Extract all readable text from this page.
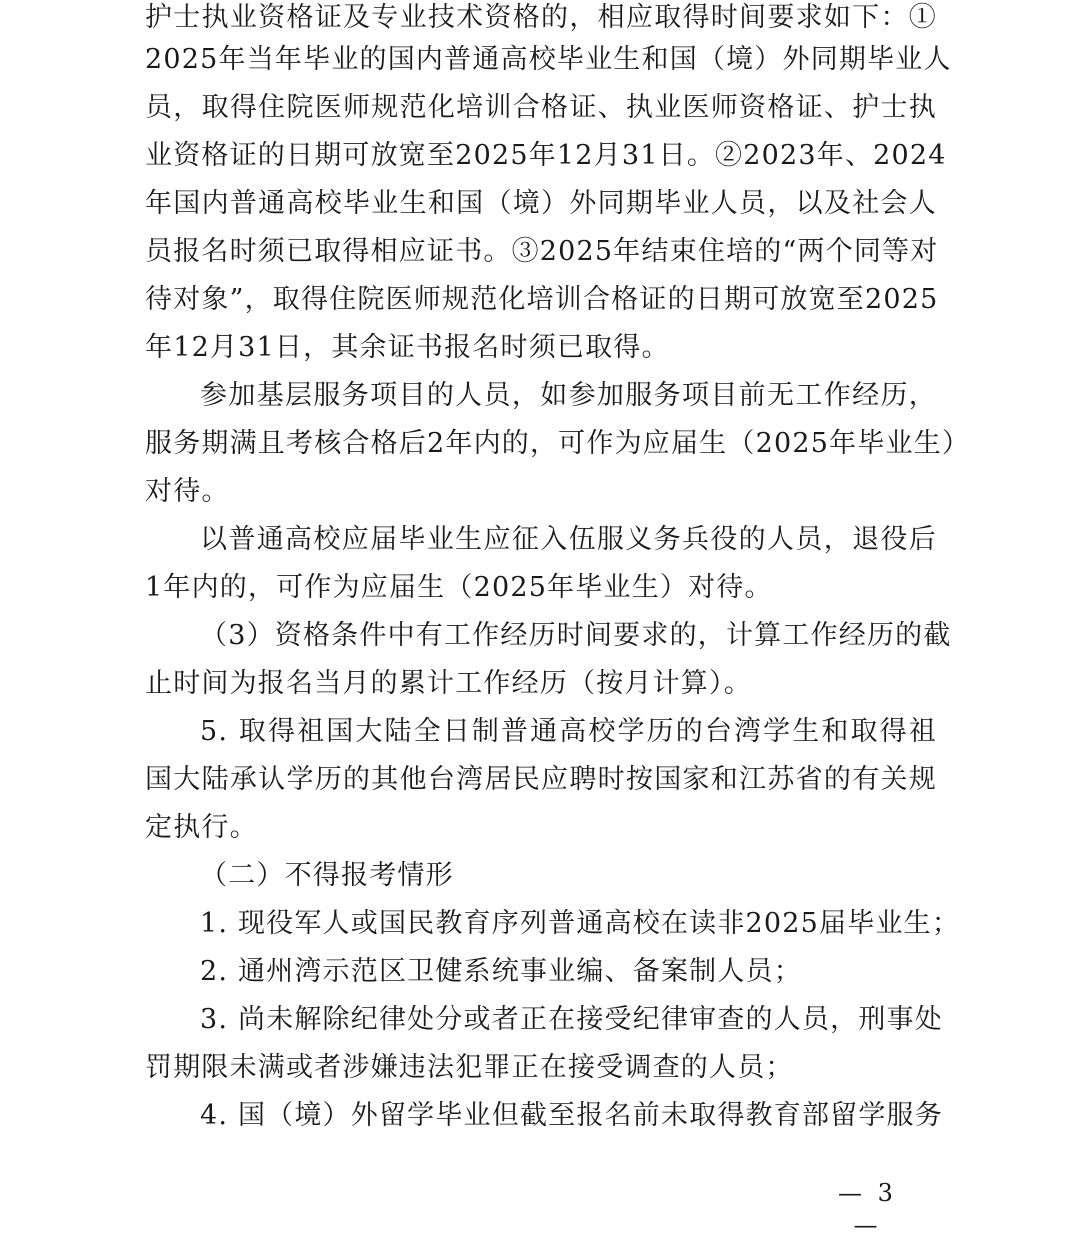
护士执业资格证及专业技术资格的，相应取得时间要求如下：①
2025年当年毕业的国内普通高校毕业生和国（境）外同期毕业人
员，取得住院医师规范化培训合格证、执业医师资格证、护士执
业资格证的日期可放宽至2025年12月31日。②2023年、2024
年国内普通高校毕业生和国（境）外同期毕业人员，以及社会人
员报名时须已取得相应证书。③2025年结束住培的“两个同等对
待对象”，取得住院医师规范化培训合格证的日期可放宽至2025
年12月31日，其余证书报名时须已取得。
参加基层服务项目的人员，如参加服务项目前无工作经历，
服务期满且考核合格后2年内的，可作为应届生（2025年毕业生）
对待。
以普通高校应届毕业生应征入伍服义务兵役的人员，退役后
1年内的，可作为应届生（2025年毕业生）对待。
（3）资格条件中有工作经历时间要求的，计算工作经历的截
止时间为报名当月的累计工作经历（按月计算）。
5. 取得祖国大陆全日制普通高校学历的台湾学生和取得祖
国大陆承认学历的其他台湾居民应聘时按国家和江苏省的有关规
定执行。
（二）不得报考情形
1. 现役军人或国民教育序列普通高校在读非2025届毕业生；
2. 通州湾示范区卫健系统事业编、备案制人员；
3. 尚未解除纪律处分或者正在接受纪律审查的人员，刑事处
罚期限未满或者涉嫌违法犯罪正在接受调查的人员；
4. 国（境）外留学毕业但截至报名前未取得教育部留学服务
— 3 —
